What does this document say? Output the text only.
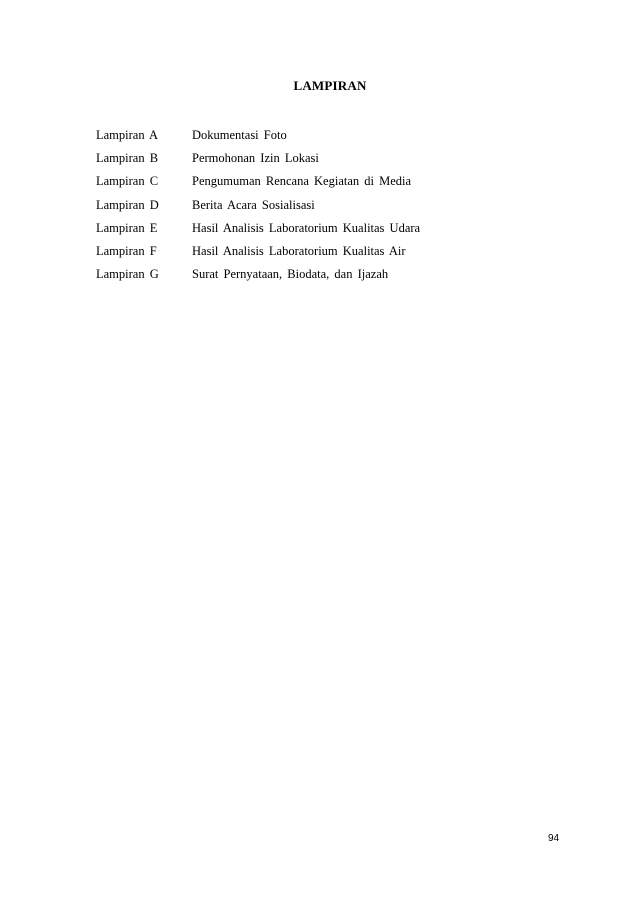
LAMPIRAN
Lampiran A	Dokumentasi Foto
Lampiran B	Permohonan Izin Lokasi
Lampiran C	Pengumuman Rencana Kegiatan di Media
Lampiran D	Berita Acara Sosialisasi
Lampiran E	Hasil Analisis Laboratorium Kualitas Udara
Lampiran F	Hasil Analisis Laboratorium Kualitas Air
Lampiran G	Surat Pernyataan, Biodata, dan Ijazah
94
